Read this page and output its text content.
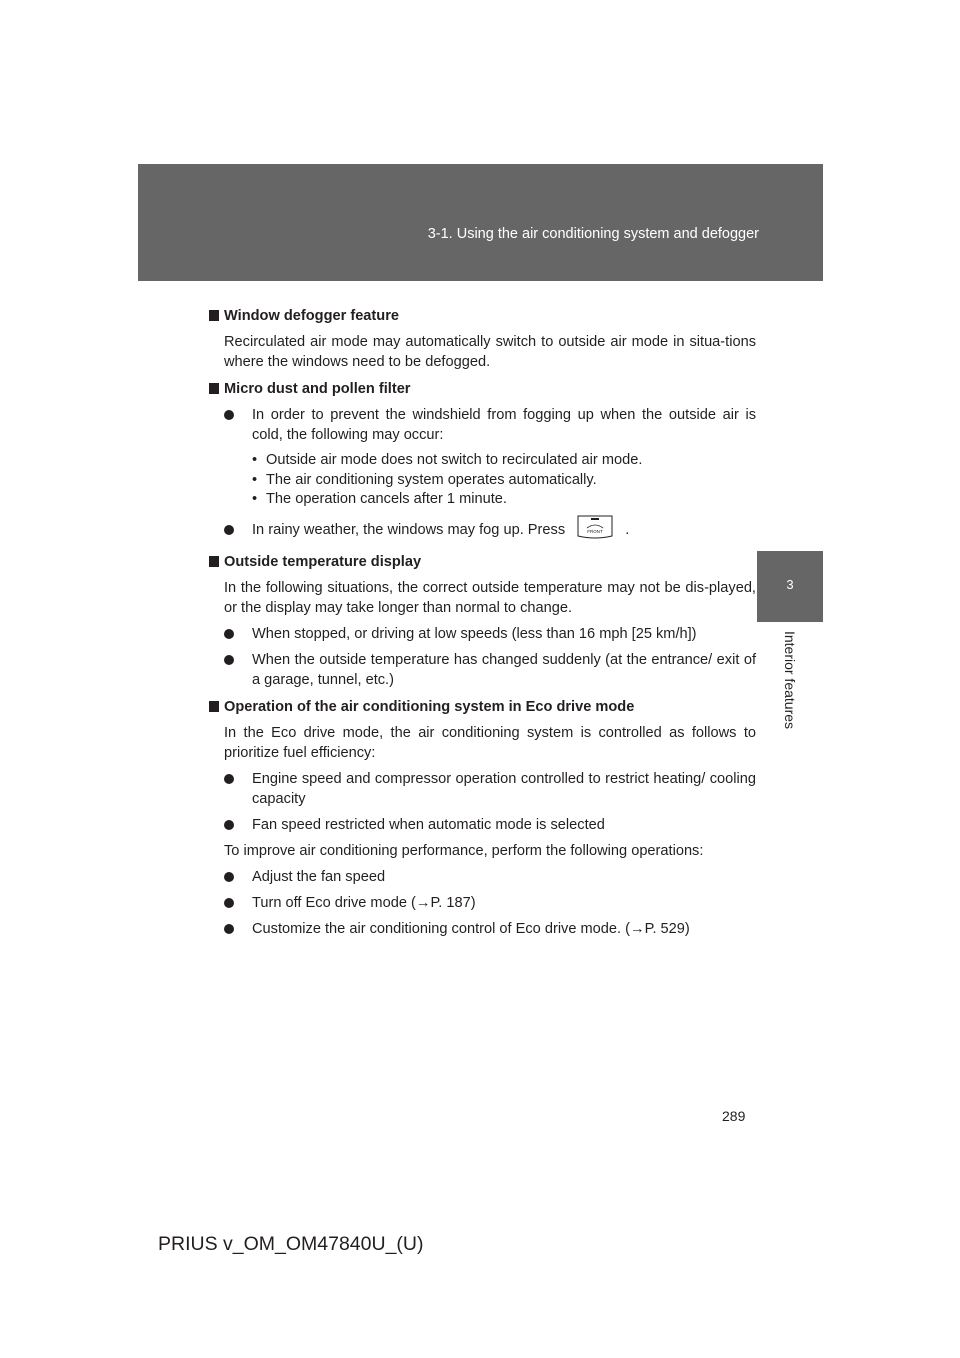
3-1. Using the air conditioning system and defogger
3
Interior features
Window defogger feature
Recirculated air mode may automatically switch to outside air mode in situa-tions where the windows need to be defogged.
Micro dust and pollen filter
In order to prevent the windshield from fogging up when the outside air is cold, the following may occur:
• Outside air mode does not switch to recirculated air mode.
• The air conditioning system operates automatically.
• The operation cancels after 1 minute.
In rainy weather, the windows may fog up. Press	FRONT .
Outside temperature display
In the following situations, the correct outside temperature may not be dis-played, or the display may take longer than normal to change.
When stopped, or driving at low speeds (less than 16 mph [25 km/h])
When the outside temperature has changed suddenly (at the entrance/ exit of a garage, tunnel, etc.)
Operation of the air conditioning system in Eco drive mode
In the Eco drive mode, the air conditioning system is controlled as follows to prioritize fuel efficiency:
Engine speed and compressor operation controlled to restrict heating/ cooling capacity
Fan speed restricted when automatic mode is selected
To improve air conditioning performance, perform the following operations:
Adjust the fan speed
Turn off Eco drive mode (→P. 187)
Customize the air conditioning control of Eco drive mode. (→P. 529)
289
PRIUS v_OM_OM47840U_(U)
